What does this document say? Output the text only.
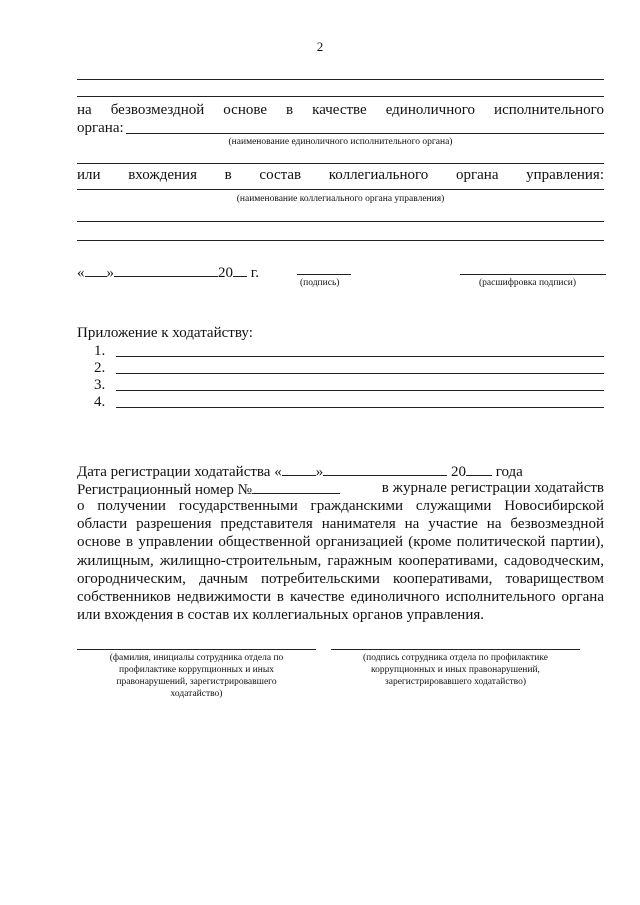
2
на безвозмездной основе в качестве единоличного исполнительного
органа:
(наименование единоличного исполнительного органа)
или вхождения в состав коллегиального органа управления:
(наименование коллегиального органа управления)
« »	20 г.
(подпись)	(расшифровка подписи)
Приложение к ходатайству:
1.
2.
3.
4.
Дата регистрации ходатайства « »	20 года
Регистрационный номер №	в журнале регистрации ходатайств
о получении государственными гражданскими служащими Новосибирской
области разрешения представителя нанимателя на участие на безвозмездной
основе в управлении общественной организацией (кроме политической партии),
жилищным, жилищно-строительным, гаражным кооперативами, садоводческим,
огородническим, дачным потребительскими кооперативами, товариществом
собственников недвижимости в качестве единоличного исполнительного органа
или вхождения в состав их коллегиальных органов управления.
(фамилия, инициалы сотрудника отдела по
профилактике коррупционных и иных
правонарушений, зарегистрировавшего
ходатайство)
(подпись сотрудника отдела по профилактике
коррупционных и иных правонарушений,
зарегистрировавшего ходатайство)
